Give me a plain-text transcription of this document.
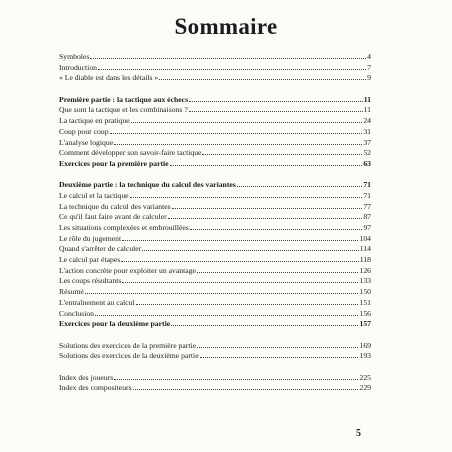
Sommaire
Symboles	4
Introduction	7
« Le diable est dans les détails »	9
Première partie : la tactique aux échecs	11
Que sont la tactique et les combinaisons ?	11
La tactique en pratique	24
Coup pour coup	31
L'analyse logique	37
Comment développer son savoir-faire tactique	52
Exercices pour la première partie	63
Deuxième partie : la technique du calcul des variantes	71
Le calcul et la tactique	71
La technique du calcul des variantes	77
Ce qu'il faut faire avant de calculer	87
Les situations complexées et embrouillées	97
Le rôle du jugement	104
Quand s'arrêter de calculer	114
Le calcul par étapes	118
L'action concrète pour exploiter un avantage	126
Les coups résultants	133
Résumé	150
L'entraînement au calcul	151
Conclusion	156
Exercices pour la deuxième partie	157
Solutions des exercices de la première partie	169
Solutions des exercices de la deuxième partie	193
Index des joueurs	225
Index des compositeurs	229
5
